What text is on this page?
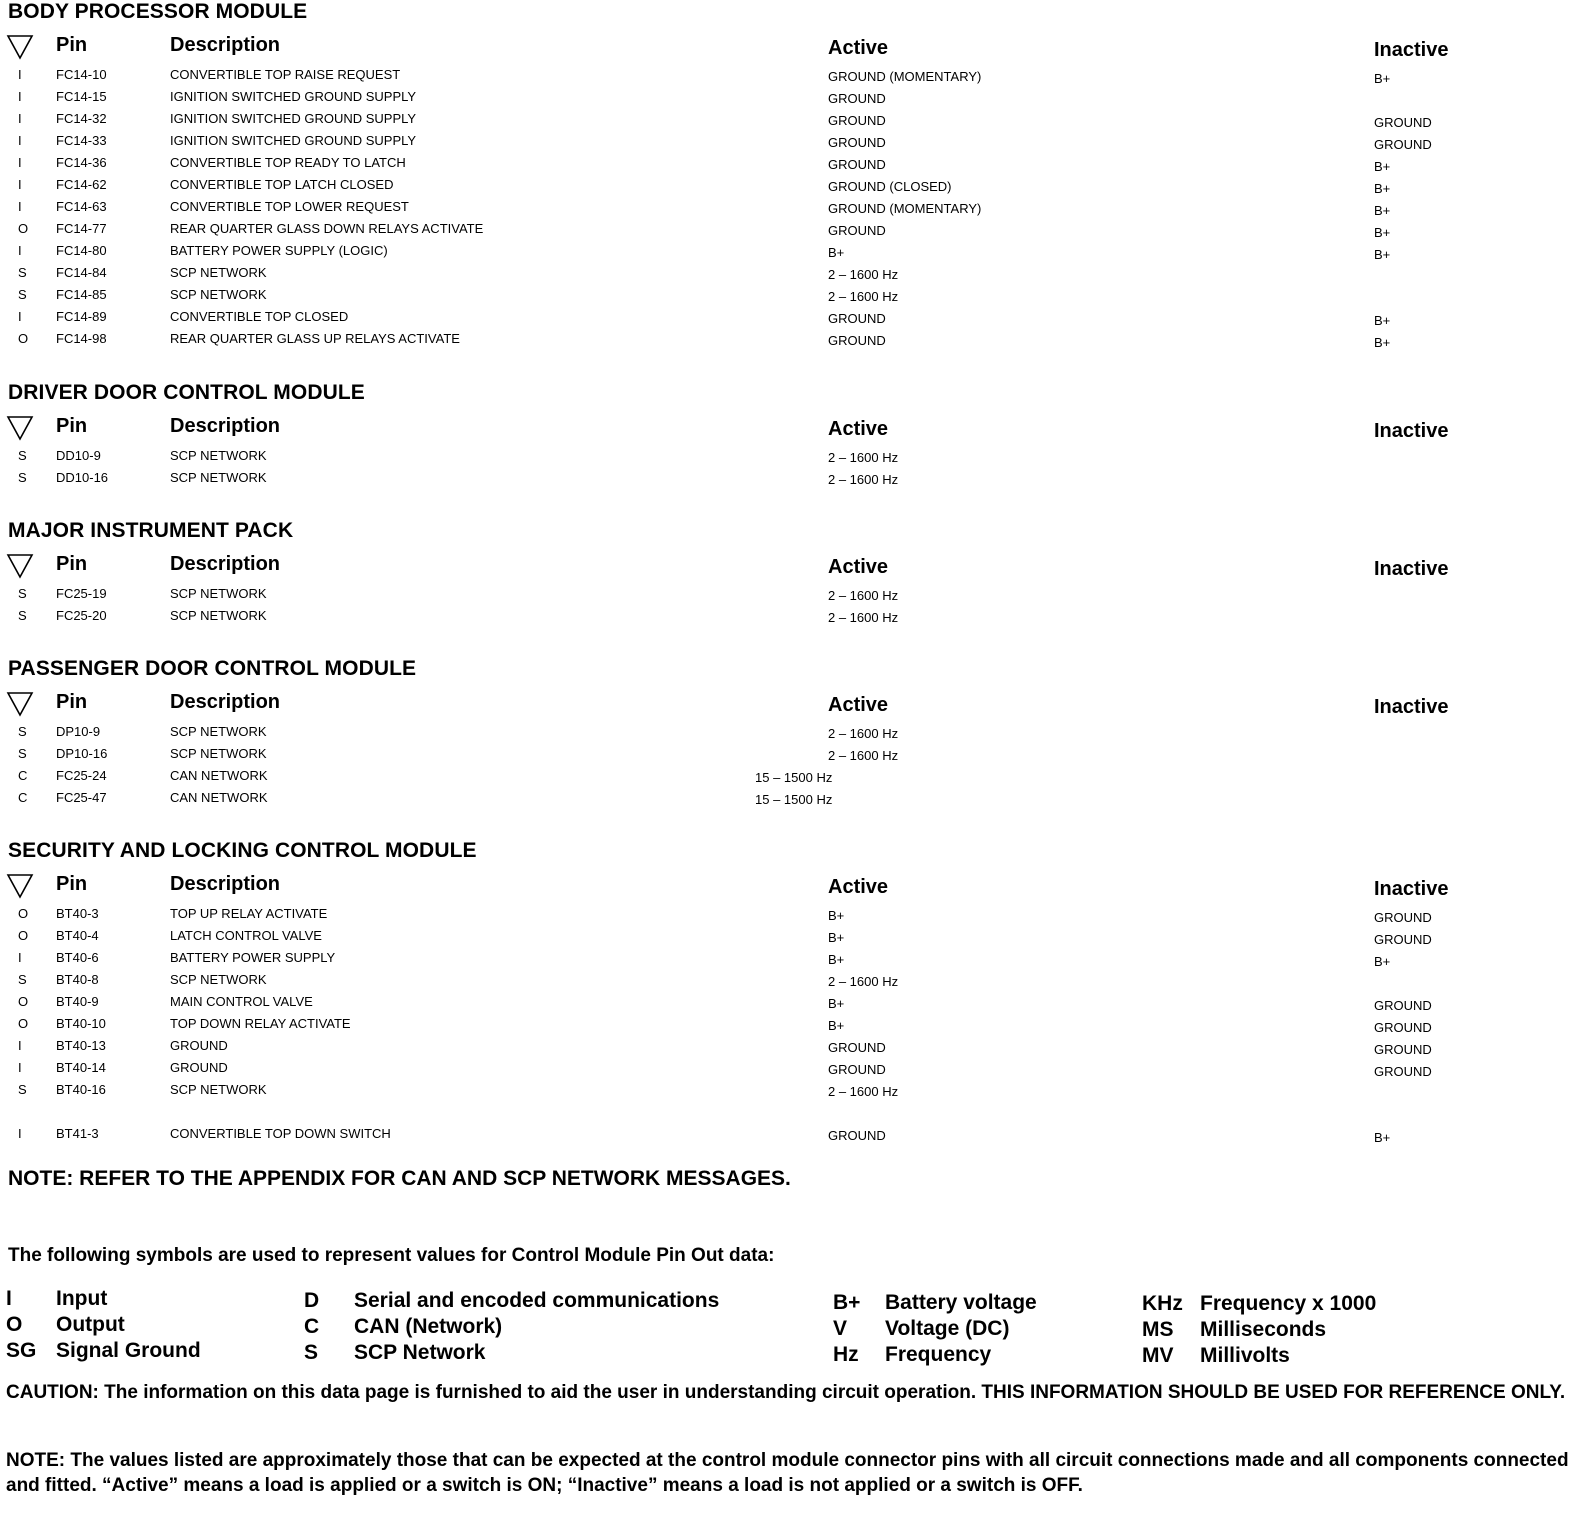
BODY PROCESSOR MODULE
Pin	Description	Active	Inactive
I	FC14-10	CONVERTIBLE TOP RAISE REQUEST	GROUND (MOMENTARY)	B+
I	FC14-15	IGNITION SWITCHED GROUND SUPPLY	GROUND
I	FC14-32	IGNITION SWITCHED GROUND SUPPLY	GROUND	GROUND
I	FC14-33	IGNITION SWITCHED GROUND SUPPLY	GROUND	GROUND
I	FC14-36	CONVERTIBLE TOP READY TO LATCH	GROUND	B+
I	FC14-62	CONVERTIBLE TOP LATCH CLOSED	GROUND (CLOSED)	B+
I	FC14-63	CONVERTIBLE TOP LOWER REQUEST	GROUND (MOMENTARY)	B+
O FC14-77	REAR QUARTER GLASS DOWN RELAYS ACTIVATE	GROUND	B+
I	FC14-80	BATTERY POWER SUPPLY (LOGIC)	B+	B+
S FC14-84	SCP NETWORK	2 – 1600 Hz
S FC14-85	SCP NETWORK	2 – 1600 Hz
I	FC14-89	CONVERTIBLE TOP CLOSED	GROUND	B+
O FC14-98	REAR QUARTER GLASS UP RELAYS ACTIVATE	GROUND	B+
DRIVER DOOR CONTROL MODULE
Pin	Description	Active	Inactive
S DD10-9	SCP NETWORK	2 – 1600 Hz
S DD10-16	SCP NETWORK	2 – 1600 Hz
MAJOR INSTRUMENT PACK
Pin	Description	Active	Inactive
S FC25-19	SCP NETWORK	2 – 1600 Hz
S FC25-20	SCP NETWORK	2 – 1600 Hz
PASSENGER DOOR CONTROL MODULE
Pin	Description	Active	Inactive
S DP10-9	SCP NETWORK	2 – 1600 Hz
S DP10-16	SCP NETWORK	2 – 1600 Hz
C FC25-24	CAN NETWORK	15 – 1500 Hz
C FC25-47	CAN NETWORK	15 – 1500 Hz
SECURITY AND LOCKING CONTROL MODULE
Pin	Description	Active	Inactive
O BT40-3	TOP UP RELAY ACTIVATE	B+	GROUND
O BT40-4	LATCH CONTROL VALVE	B+	GROUND
I	BT40-6	BATTERY POWER SUPPLY	B+	B+
S BT40-8	SCP NETWORK	2 – 1600 Hz
O BT40-9	MAIN CONTROL VALVE	B+	GROUND
O BT40-10	TOP DOWN RELAY ACTIVATE	B+	GROUND
I	BT40-13	GROUND	GROUND	GROUND
I	BT40-14	GROUND	GROUND	GROUND
S BT40-16	SCP NETWORK	2 – 1600 Hz
I	BT41-3	CONVERTIBLE TOP DOWN SWITCH	GROUND	B+
NOTE: REFER TO THE APPENDIX FOR CAN AND SCP NETWORK MESSAGES.
The following symbols are used to represent values for Control Module Pin Out data:
I Input
O Output
SG Signal Ground
D Serial and encoded communications
C CAN (Network)
S SCP Network
B+ Battery voltage
V Voltage (DC)
Hz Frequency
KHz Frequency x 1000
MS Milliseconds
MV Millivolts
CAUTION: The information on this data page is furnished to aid the user in understanding circuit operation. THIS INFORMATION SHOULD BE USED FOR REFERENCE ONLY.
NOTE: The values listed are approximately those that can be expected at the control module connector pins with all circuit connections made and all components connected and fitted. “Active” means a load is applied or a switch is ON; “Inactive” means a load is not applied or a switch is OFF.
